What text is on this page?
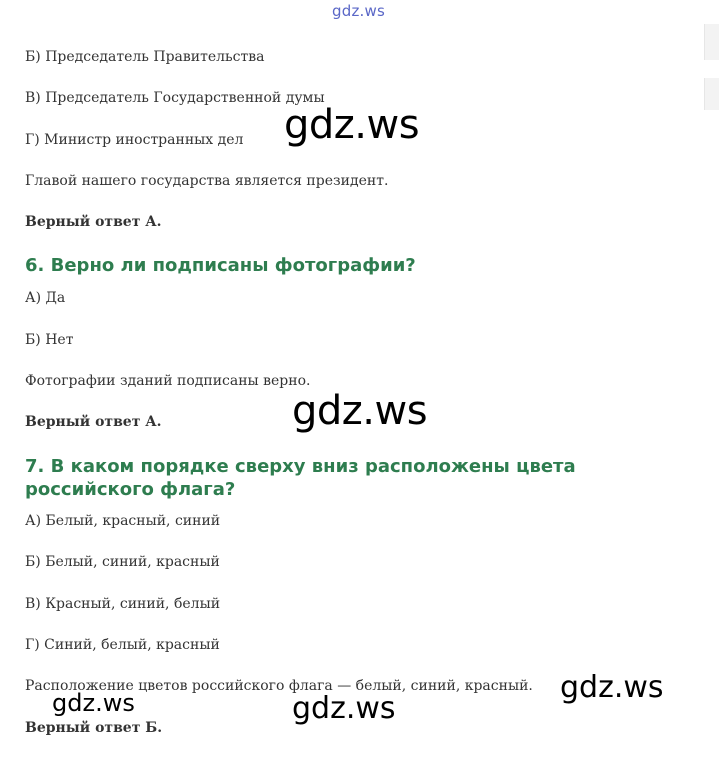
gdz.ws
Б) Председатель Правительства
В) Председатель Государственной думы
Г) Министр иностранных дел
Главой нашего государства является президент.
Верный ответ А.
6. Верно ли подписаны фотографии?
А) Да
Б) Нет
Фотографии зданий подписаны верно.
Верный ответ А.
7. В каком порядке сверху вниз расположены цвета российского флага?
А) Белый, красный, синий
Б) Белый, синий, красный
В) Красный, синий, белый
Г) Синий, белый, красный
Расположение цветов российского флага — белый, синий, красный.
Верный ответ Б.
gdz.ws
gdz.ws
gdz.ws
gdz.ws	gdz.ws
